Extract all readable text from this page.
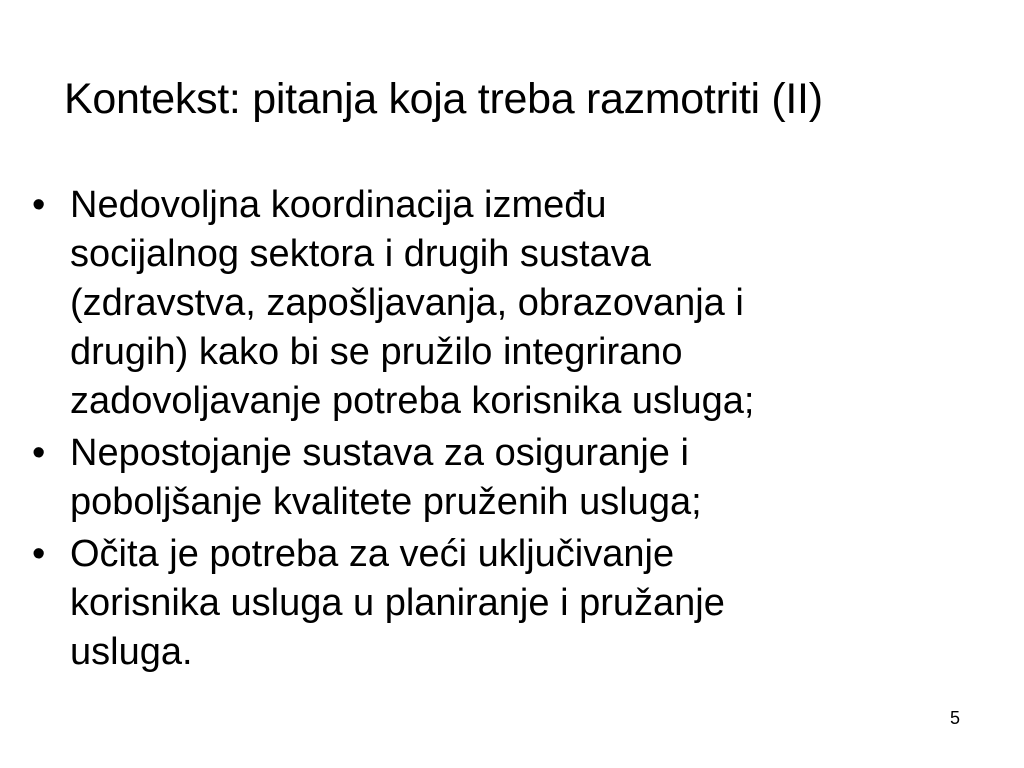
Kontekst: pitanja koja treba razmotriti (II)
• Nedovoljna koordinacija između
socijalnog sektora i drugih sustava
(zdravstva, zapošljavanja, obrazovanja i
drugih) kako bi se pružilo integrirano
zadovoljavanje potreba korisnika usluga;
• Nepostojanje sustava za osiguranje i
poboljšanje kvalitete pruženih usluga;
• Očita je potreba za veći uključivanje
korisnika usluga u planiranje i pružanje
usluga.
5
